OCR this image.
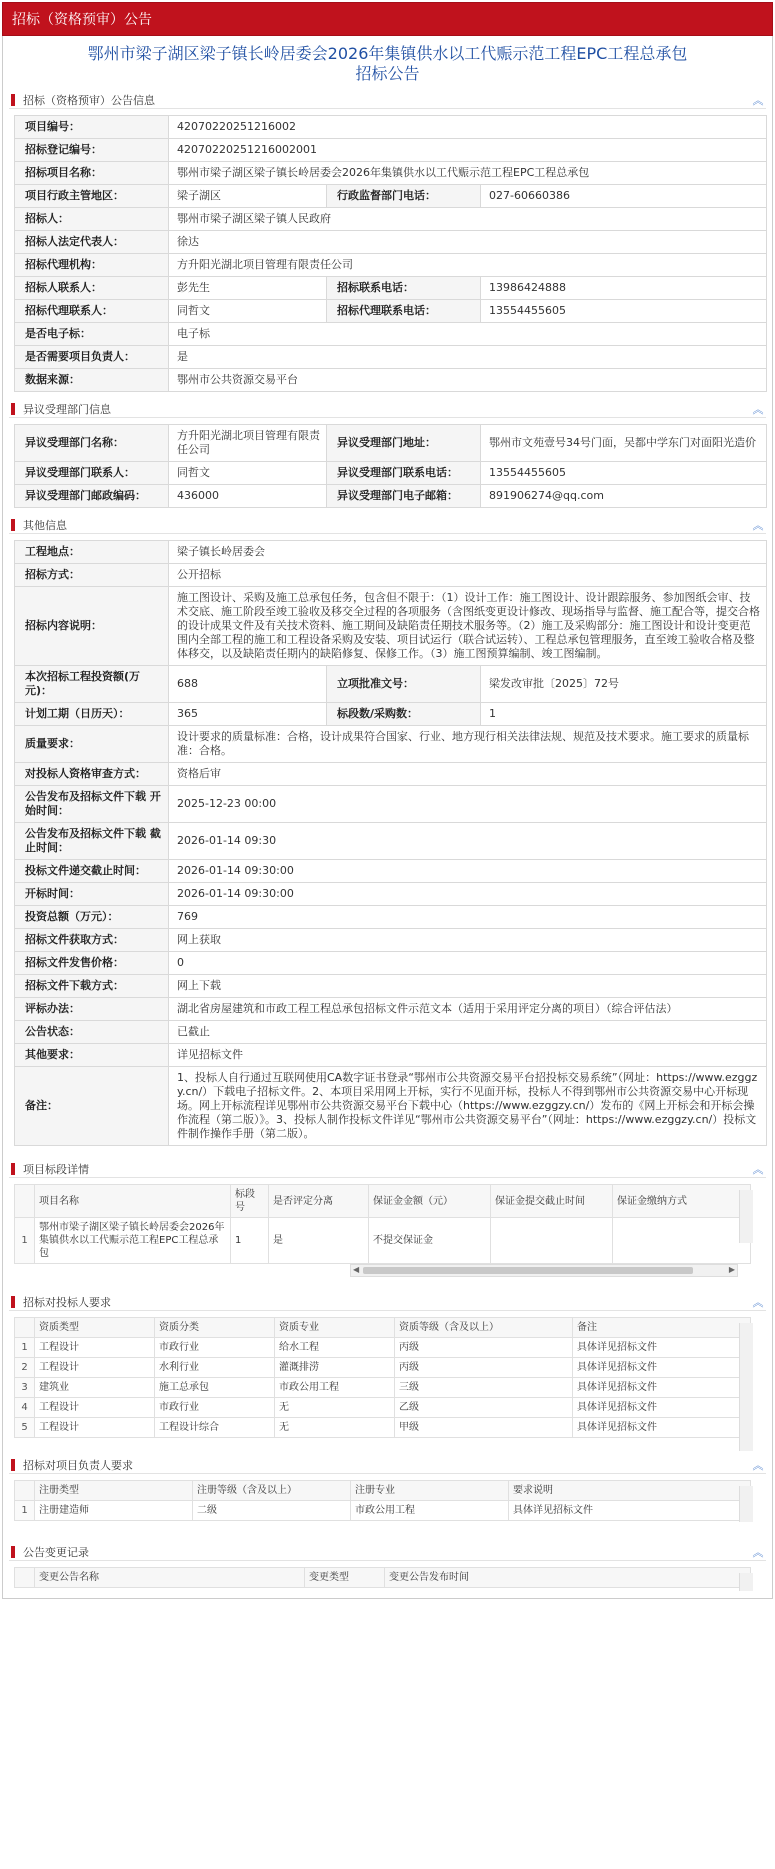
招标（资格预审）公告
鄂州市梁子湖区梁子镇长岭居委会2026年集镇供水以工代赈示范工程EPC工程总承包
招标公告
招标（资格预审）公告信息	︽
项目编号：	42070220251216002		
招标登记编号：	42070220251216002001		
招标项目名称：	鄂州市梁子湖区梁子镇长岭居委会2026年集镇供水以工代赈示范工程EPC工程总承包		
项目行政主管地区：	梁子湖区	行政监督部门电话：	027-60660386
招标人：	鄂州市梁子湖区梁子镇人民政府		
招标人法定代表人：	徐达		
招标代理机构：	方升阳光湖北项目管理有限责任公司		
招标人联系人：	彭先生	招标联系电话：	13986424888
招标代理联系人：	同哲文	招标代理联系电话：	13554455605
是否电子标：	电子标		
是否需要项目负责人：	是		
数据来源：	鄂州市公共资源交易平台		
异议受理部门信息	︽
异议受理部门名称：	方升阳光湖北项目管理有限责任公司	异议受理部门地址：	鄂州市文苑壹号34号门面，吴都中学东门对面阳光造价
异议受理部门联系人：	同哲文	异议受理部门联系电话：	13554455605
异议受理部门邮政编码：	436000	异议受理部门电子邮箱：	891906274@qq.com
其他信息	︽
工程地点：	梁子镇长岭居委会		
招标方式：	公开招标		
招标内容说明：	施工图设计、采购及施工总承包任务，包含但不限于：（1）设计工作：施工图设计、设计跟踪服务、参加图纸会审、技术交底、施工阶段至竣工验收及移交全过程的各项服务（含图纸变更设计修改、现场指导与监督、施工配合等，提交合格的设计成果文件及有关技术资料、施工期间及缺陷责任期技术服务等。（2）施工及采购部分：施工图设计和设计变更范围内全部工程的施工和工程设备采购及安装、项目试运行（联合试运转）、工程总承包管理服务，直至竣工验收合格及整体移交，以及缺陷责任期内的缺陷修复、保修工作。（3）施工图预算编制、竣工图编制。		
本次招标工程投资额(万元)：	688	立项批准文号：	梁发改审批〔2025〕72号
计划工期（日历天）：	365	标段数/采购数：	1
质量要求：	设计要求的质量标准：合格，设计成果符合国家、行业、地方现行相关法律法规、规范及技术要求。施工要求的质量标准：合格。		
对投标人资格审查方式：	资格后审		
公告发布及招标文件下载 开始时间：	2025-12-23 00:00		
公告发布及招标文件下载 截止时间：	2026-01-14 09:30		
投标文件递交截止时间：	2026-01-14 09:30:00		
开标时间：	2026-01-14 09:30:00		
投资总额（万元）：	769		
招标文件获取方式：	网上获取		
招标文件发售价格：	0		
招标文件下载方式：	网上下载		
评标办法：	湖北省房屋建筑和市政工程工程总承包招标文件示范文本（适用于采用评定分离的项目）（综合评估法）		
公告状态：	已截止		
其他要求：	详见招标文件		
备注：	1、投标人自行通过互联网使用CA数字证书登录“鄂州市公共资源交易平台招投标交易系统”（网址：https://www.ezggzy.cn/）下载电子招标文件。2、本项目采用网上开标，实行不见面开标，投标人不得到鄂州市公共资源交易中心开标现场。网上开标流程详见鄂州市公共资源交易平台下载中心（https://www.ezggzy.cn/）发布的《网上开标会和开标会操作流程（第二版）》。3、投标人制作投标文件详见“鄂州市公共资源交易平台”（网址：https://www.ezggzy.cn/）投标文件制作操作手册（第二版）。		
项目标段详情	︽
	项目名称	标段号	是否评定分离	保证金金额（元）	保证金提交截止时间	保证金缴纳方式
1	鄂州市梁子湖区梁子镇长岭居委会2026年集镇供水以工代赈示范工程EPC工程总承包	1	是	不提交保证金		
◀	▶
招标对投标人要求	︽
	资质类型	资质分类	资质专业	资质等级（含及以上）	备注
1	工程设计	市政行业	给水工程	丙级	具体详见招标文件
2	工程设计	水利行业	灌溉排涝	丙级	具体详见招标文件
3	建筑业	施工总承包	市政公用工程	三级	具体详见招标文件
4	工程设计	市政行业	无	乙级	具体详见招标文件
5	工程设计	工程设计综合	无	甲级	具体详见招标文件
招标对项目负责人要求	︽
	注册类型	注册等级（含及以上）	注册专业	要求说明
1	注册建造师	二级	市政公用工程	具体详见招标文件
公告变更记录	︽
	变更公告名称	变更类型	变更公告发布时间
